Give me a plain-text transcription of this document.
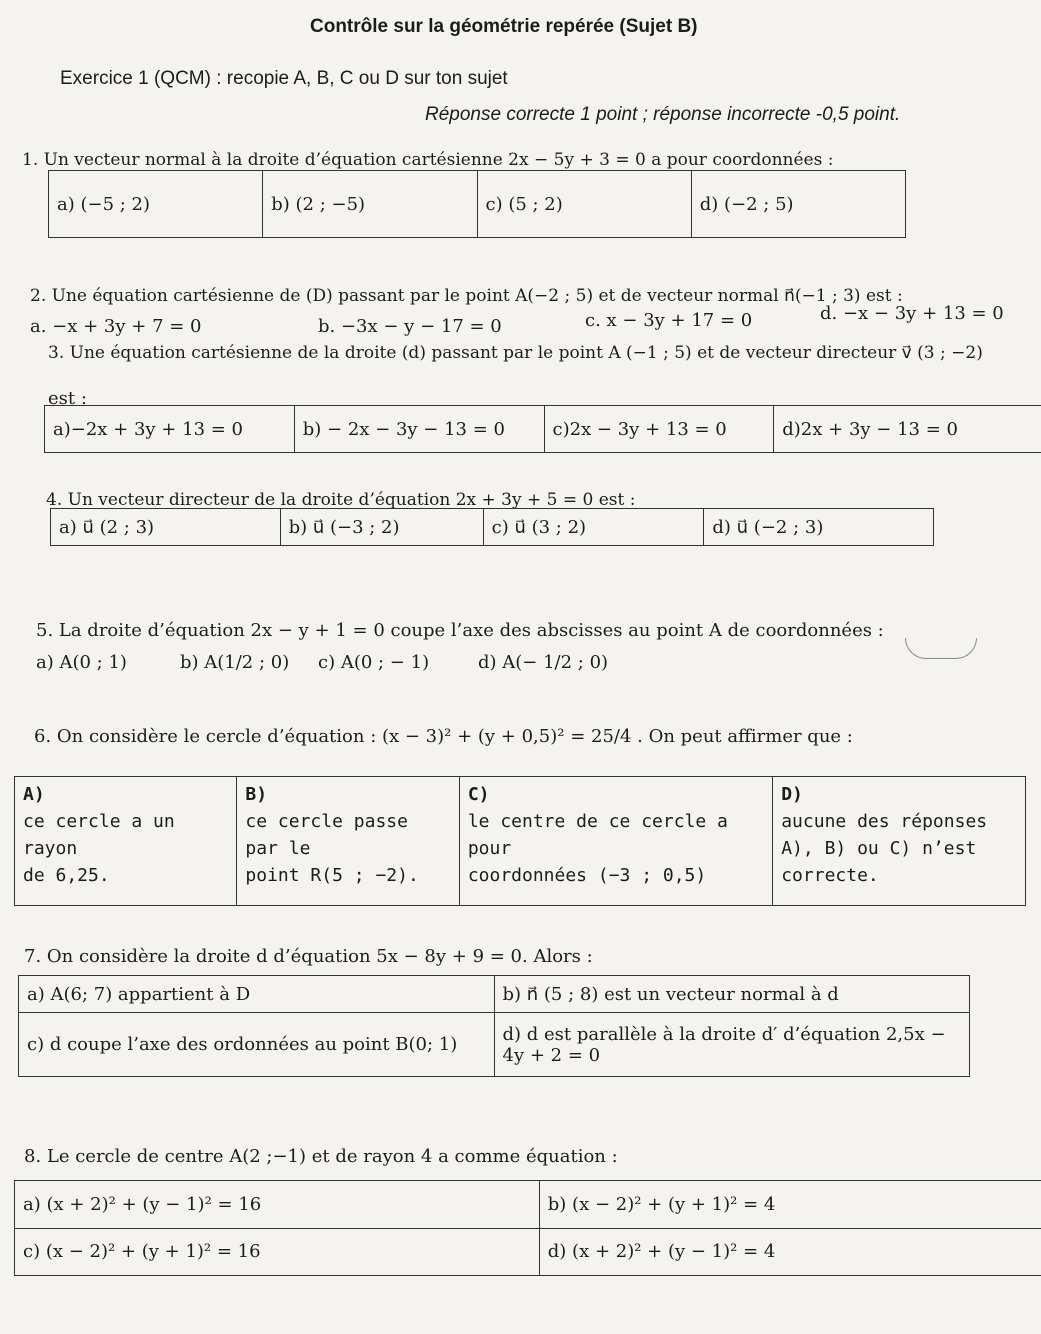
Contrôle sur la géométrie repérée (Sujet B)
Exercice 1 (QCM) : recopie A, B, C ou D sur ton sujet
Réponse correcte 1 point ; réponse incorrecte -0,5 point.
1. Un vecteur normal à la droite d’équation cartésienne 2x − 5y + 3 = 0 a pour coordonnées :
a) (−5 ; 2)	b) (2 ; −5)	c) (5 ; 2)	d) (−2 ; 5)
2. Une équation cartésienne de (D) passant par le point A(−2 ; 5) et de vecteur normal n⃗(−1 ; 3) est :
a. −x + 3y + 7 = 0	b. −3x − y − 17 = 0	c. x − 3y + 17 = 0	d. −x − 3y + 13 = 0
3. Une équation cartésienne de la droite (d) passant par le point A (−1 ; 5) et de vecteur directeur v⃗ (3 ; −2)
est :
a)−2x + 3y + 13 = 0	b) − 2x − 3y − 13 = 0	c)2x − 3y + 13 = 0	d)2x + 3y − 13 = 0
4. Un vecteur directeur de la droite d’équation 2x + 3y + 5 = 0 est :
a) u⃗ (2 ; 3)	b) u⃗ (−3 ; 2)	c) u⃗ (3 ; 2)	d) u⃗ (−2 ; 3)
5. La droite d’équation 2x − y + 1 = 0 coupe l’axe des abscisses au point A de coordonnées :
a) A(0 ; 1)	b) A(1/2 ; 0) c) A(0 ; − 1)	d) A(− 1/2 ; 0)
6. On considère le cercle d’équation : (x − 3)² + (y + 0,5)² = 25/4 . On peut affirmer que :
A)
ce cercle a un rayon
de 6,25.

B)
ce cercle passe par le
point R(5 ; −2).

C)
le centre de ce cercle a pour
coordonnées (−3 ; 0,5)

D)
aucune des réponses
A), B) ou C) n’est
correcte.
7. On considère la droite d d’équation 5x − 8y + 9 = 0. Alors :
a) A(6; 7) appartient à D	b) n⃗ (5 ; 8) est un vecteur normal à d
c) d coupe l’axe des ordonnées au point B(0; 1)	d) d est parallèle à la droite d′ d’équation 2,5x − 4y + 2 = 0
8. Le cercle de centre A(2 ;−1) et de rayon 4 a comme équation :
a) (x + 2)² + (y − 1)² = 16	b) (x − 2)² + (y + 1)² = 4
c) (x − 2)² + (y + 1)² = 16	d) (x + 2)² + (y − 1)² = 4
